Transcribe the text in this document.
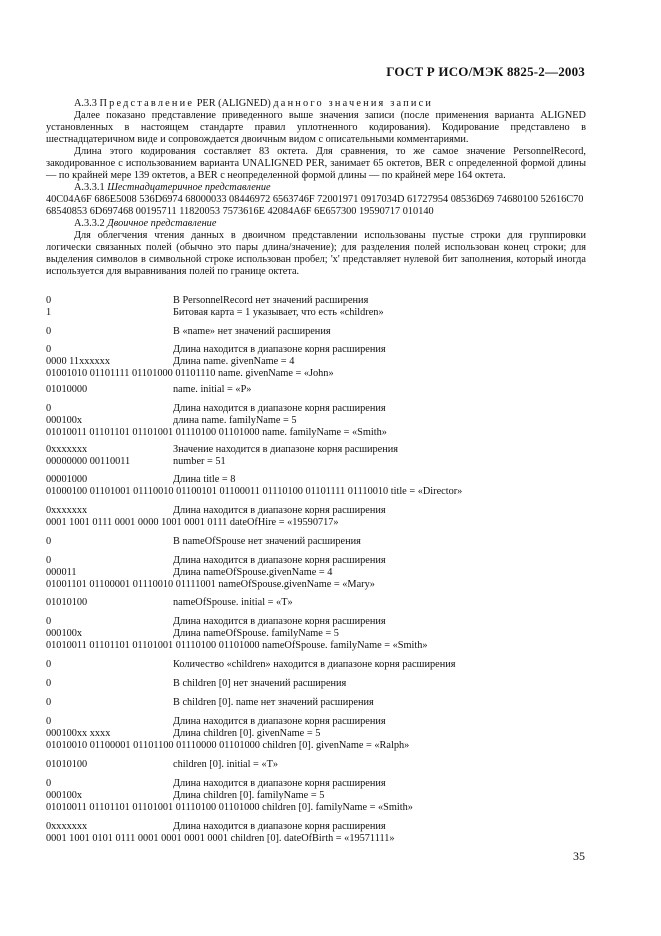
ГОСТ Р ИСО/МЭК 8825-2—2003

А.3.3 Представление PER (ALIGNED) данного значения записи

Далее показано представление приведенного выше значения записи (после применения варианта ALIGNED установленных в настоящем стандарте правил уплотненного кодирования). Кодирование представлено в шестнадцатеричном виде и сопровождается двоичным видом с описательными комментариями.

Длина этого кодирования составляет 83 октета. Для сравнения, то же самое значение PersonnelRecord, закодированное с использованием варианта UNALIGNED PER, занимает 65 октетов, BER с определенной формой длины — по крайней мере 139 октетов, а BER с неопределенной формой длины — по крайней мере 164 октета.

А.3.3.1 Шестнадцатеричное представление

40C04A6F 686E5008 536D6974 68000033 08446972 6563746F 72001971 0917034D 61727954 08536D69 74680100 52616C70 68540853 6D697468 00195711 11820053 7573616E 42084A6F 6E657300 19590717 010140

А.3.3.2 Двоичное представление

Для облегчения чтения данных в двоичном представлении использованы пустые строки для группировки логически связанных полей (обычно это пары длина/значение); для разделения полей использован конец строки; для выделения символов в символьной строке использован пробел; 'x' представляет нулевой бит заполнения, который иногда используется для выравнивания полей по границе октета.

0	В PersonnelRecord нет значений расширения
1	Битовая карта = 1 указывает, что есть «children»
0	В «name» нет значений расширения
0	Длина находится в диапазоне корня расширения
0000 11xxxxxx	Длина name. givenName = 4
01001010 01101111 01101000 01101110 name. givenName = «John»
01010000	name. initial = «P»
0	Длина находится в диапазоне корня расширения
000100x	длина name. familyName = 5
01010011 01101101 01101001 01110100 01101000 name. familyName = «Smith»
0xxxxxxx	Значение находится в диапазоне корня расширения
00000000 00110011	number = 51
00001000	Длина title = 8
01000100 01101001 01110010 01100101 01100011 01110100 01101111 01110010 title = «Director»
0xxxxxxx	Длина находится в диапазоне корня расширения
0001 1001 0111 0001 0000 1001 0001 0111 dateOfHire = «19590717»
0	В nameOfSpouse нет значений расширения
0	Длина находится в диапазоне корня расширения
000011	Длина nameOfSpouse.givenName = 4
01001101 01100001 01110010 01111001 nameOfSpouse.givenName = «Mary»
01010100	nameOfSpouse. initial = «T»
0	Длина находится в диапазоне корня расширения
000100x	Длина nameOfSpouse. familyName = 5
01010011 01101101 01101001 01110100 01101000 nameOfSpouse. familyName = «Smith»
0	Количество «children» находится в диапазоне корня расширения
0	В children [0] нет значений расширения
0	В children [0]. name нет значений расширения
0	Длина находится в диапазоне корня расширения
000100xx xxxx	Длина children [0]. givenName = 5
01010010 01100001 01101100 01110000 01101000 children [0]. givenName = «Ralph»
01010100	children [0]. initial = «T»
0	Длина находится в диапазоне корня расширения
000100x	Длина children [0]. familyName = 5
01010011 01101101 01101001 01110100 01101000 children [0]. familyName = «Smith»
0xxxxxxx	Длина находится в диапазоне корня расширения
0001 1001 0101 0111 0001 0001 0001 0001 children [0]. dateOfBirth = «19571111»
35
